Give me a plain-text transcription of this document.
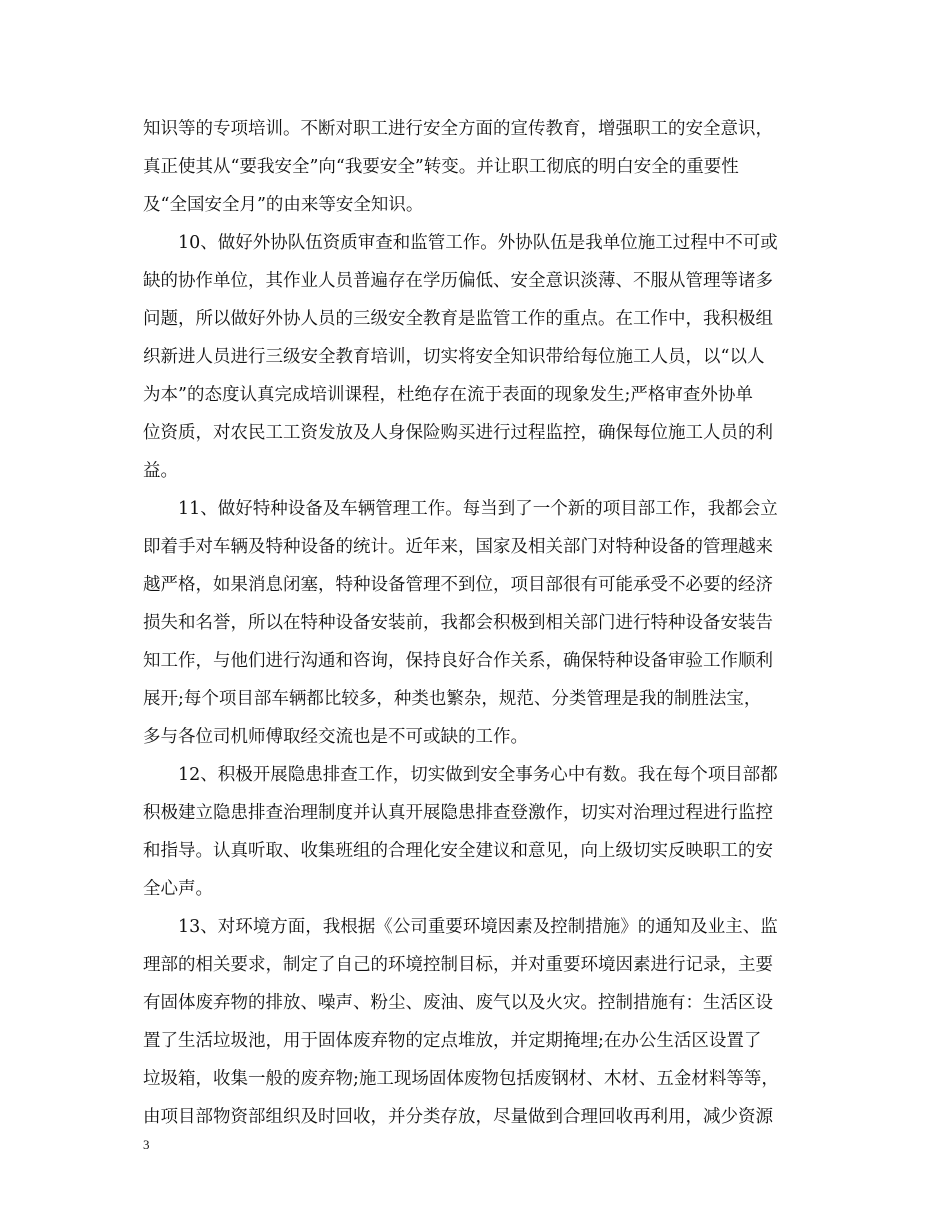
知识等的专项培训。不断对职工进行安全方面的宣传教育，增强职工的安全意识，
真正使其从“要我安全”向“我要安全”转变。并让职工彻底的明白安全的重要性
及“全国安全月”的由来等安全知识。
　　10、做好外协队伍资质审查和监管工作。外协队伍是我单位施工过程中不可或
缺的协作单位，其作业人员普遍存在学历偏低、安全意识淡薄、不服从管理等诸多
问题，所以做好外协人员的三级安全教育是监管工作的重点。在工作中，我积极组
织新进人员进行三级安全教育培训，切实将安全知识带给每位施工人员，以“以人
为本”的态度认真完成培训课程，杜绝存在流于表面的现象发生;严格审查外协单
位资质，对农民工工资发放及人身保险购买进行过程监控，确保每位施工人员的利
益。
　　11、做好特种设备及车辆管理工作。每当到了一个新的项目部工作，我都会立
即着手对车辆及特种设备的统计。近年来，国家及相关部门对特种设备的管理越来
越严格，如果消息闭塞，特种设备管理不到位，项目部很有可能承受不必要的经济
损失和名誉，所以在特种设备安装前，我都会积极到相关部门进行特种设备安装告
知工作，与他们进行沟通和咨询，保持良好合作关系，确保特种设备审验工作顺利
展开;每个项目部车辆都比较多，种类也繁杂，规范、分类管理是我的制胜法宝，
多与各位司机师傅取经交流也是不可或缺的工作。
　　12、积极开展隐患排查工作，切实做到安全事务心中有数。我在每个项目部都
积极建立隐患排查治理制度并认真开展隐患排查登激作，切实对治理过程进行监控
和指导。认真听取、收集班组的合理化安全建议和意见，向上级切实反映职工的安
全心声。
　　13、对环境方面，我根据《公司重要环境因素及控制措施》的通知及业主、监
理部的相关要求，制定了自己的环境控制目标，并对重要环境因素进行记录，主要
有固体废弃物的排放、噪声、粉尘、废油、废气以及火灾。控制措施有：生活区设
置了生活垃圾池，用于固体废弃物的定点堆放，并定期掩埋;在办公生活区设置了
垃圾箱，收集一般的废弃物;施工现场固体废物包括废钢材、木材、五金材料等等，
由项目部物资部组织及时回收，并分类存放，尽量做到合理回收再利用，减少资源
3
